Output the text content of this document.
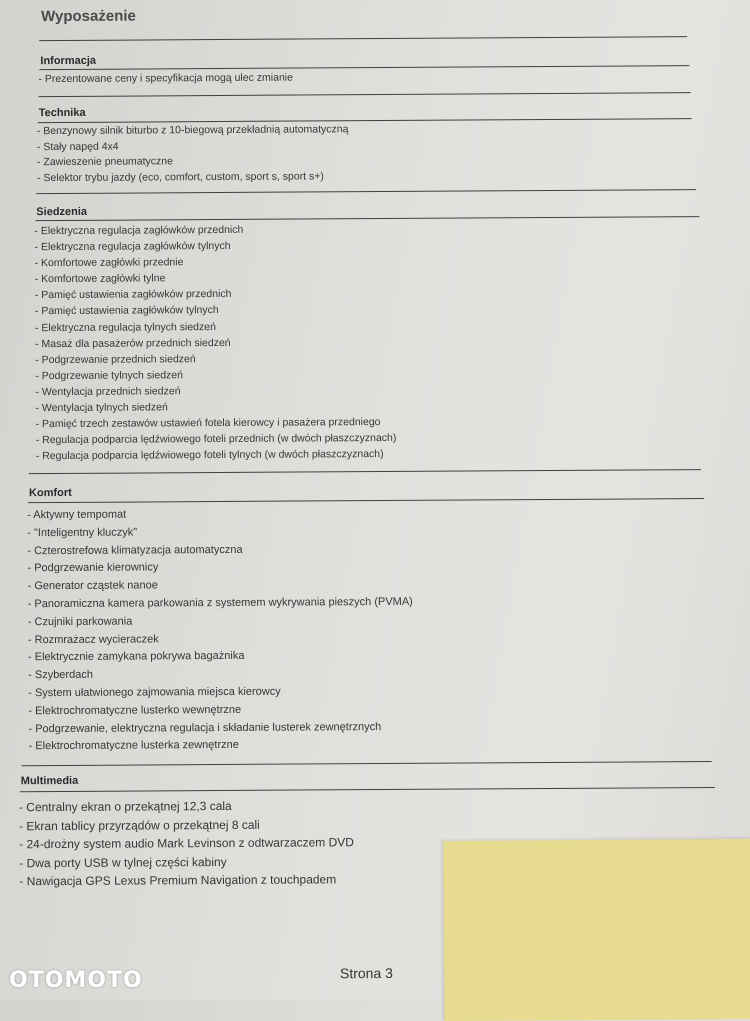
Wyposażenie
Informacja
- Prezentowane ceny i specyfikacja mogą ulec zmianie
Technika
- Benzynowy silnik biturbo z 10-biegową przekładnią automatyczną
- Stały napęd 4x4
- Zawieszenie pneumatyczne
- Selektor trybu jazdy (eco, comfort, custom, sport s, sport s+)
Siedzenia
- Elektryczna regulacja zagłówków przednich
- Elektryczna regulacja zagłówków tylnych
- Komfortowe zagłówki przednie
- Komfortowe zagłówki tylne
- Pamięć ustawienia zagłówków przednich
- Pamięć ustawienia zagłówków tylnych
- Elektryczna regulacja tylnych siedzeń
- Masaż dla pasażerów przednich siedzeń
- Podgrzewanie przednich siedzeń
- Podgrzewanie tylnych siedzeń
- Wentylacja przednich siedzeń
- Wentylacja tylnych siedzeń
- Pamięć trzech zestawów ustawień fotela kierowcy i pasażera przedniego
- Regulacja podparcia lędźwiowego foteli przednich (w dwóch płaszczyznach)
- Regulacja podparcia lędźwiowego foteli tylnych (w dwóch płaszczyznach)
Komfort
- Aktywny tempomat
- "Inteligentny kluczyk"
- Czterostrefowa klimatyzacja automatyczna
- Podgrzewanie kierownicy
- Generator cząstek nanoe
- Panoramiczna kamera parkowania z systemem wykrywania pieszych (PVMA)
- Czujniki parkowania
- Rozmrażacz wycieraczek
- Elektrycznie zamykana pokrywa bagażnika
- Szyberdach
- System ułatwionego zajmowania miejsca kierowcy
- Elektrochromatyczne lusterko wewnętrzne
- Podgrzewanie, elektryczna regulacja i składanie lusterek zewnętrznych
- Elektrochromatyczne lusterka zewnętrzne
Multimedia
- Centralny ekran o przekątnej 12,3 cala
- Ekran tablicy przyrządów o przekątnej 8 cali
- 24-drożny system audio Mark Levinson z odtwarzaczem DVD
- Dwa porty USB w tylnej części kabiny
- Nawigacja GPS Lexus Premium Navigation z touchpadem
Strona 3
OTOMOTO
